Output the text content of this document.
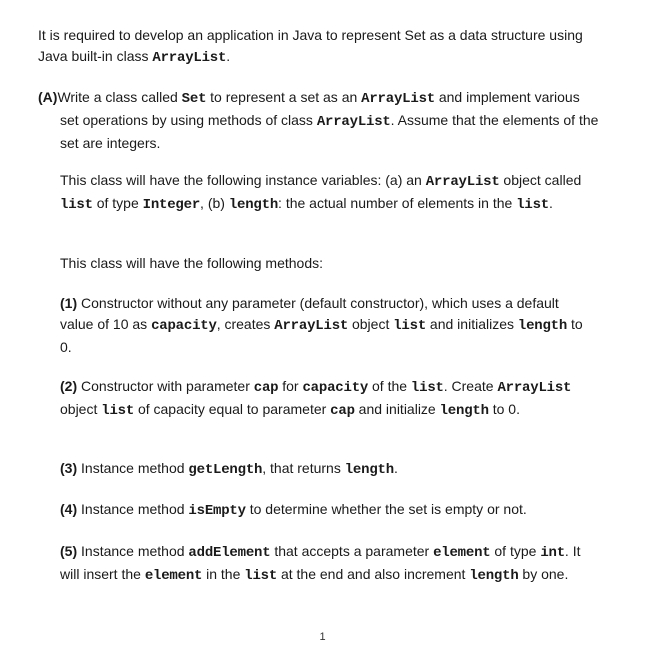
It is required to develop an application in Java to represent Set as a data structure using Java built-in class ArrayList.

(A)Write a class called Set to represent a set as an ArrayList and implement various set operations by using methods of class ArrayList. Assume that the elements of the set are integers.

This class will have the following instance variables: (a) an ArrayList object called list of type Integer, (b) length: the actual number of elements in the list.

This class will have the following methods:

(1) Constructor without any parameter (default constructor), which uses a default value of 10 as capacity, creates ArrayList object list and initializes length to 0.

(2) Constructor with parameter cap for capacity of the list. Create ArrayList object list of capacity equal to parameter cap and initialize length to 0.

(3) Instance method getLength, that returns length.

(4) Instance method isEmpty to determine whether the set is empty or not.

(5) Instance method addElement that accepts a parameter element of type int. It will insert the element in the list at the end and also increment length by one.

1
